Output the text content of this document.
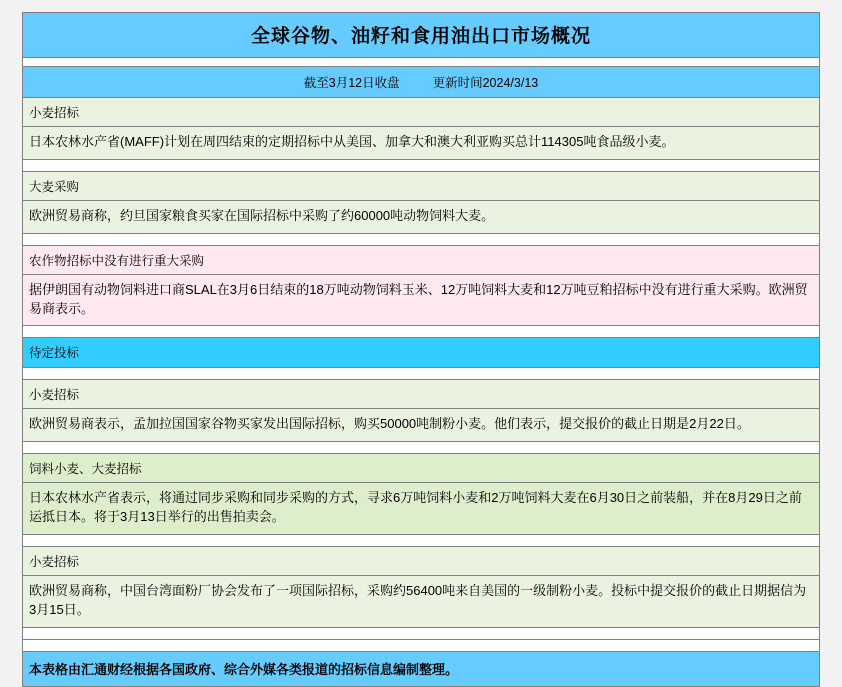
全球谷物、油籽和食用油出口市场概况
截至3月12日收盘	更新时间2024/3/13
小麦招标
日本农林水产省(MAFF)计划在周四结束的定期招标中从美国、加拿大和澳大利亚购买总计114305吨食品级小麦。
大麦采购
欧洲贸易商称，约旦国家粮食买家在国际招标中采购了约60000吨动物饲料大麦。
农作物招标中没有进行重大采购
据伊朗国有动物饲料进口商SLAL在3月6日结束的18万吨动物饲料玉米、12万吨饲料大麦和12万吨豆粕招标中没有进行重大采购。欧洲贸易商表示。
待定投标
小麦招标
欧洲贸易商表示，孟加拉国国家谷物买家发出国际招标，购买50000吨制粉小麦。他们表示，提交报价的截止日期是2月22日。
饲料小麦、大麦招标
日本农林水产省表示，将通过同步采购和同步采购的方式，寻求6万吨饲料小麦和2万吨饲料大麦在6月30日之前装船，并在8月29日之前运抵日本。将于3月13日举行的出售拍卖会。
小麦招标
欧洲贸易商称，中国台湾面粉厂协会发布了一项国际招标，采购约56400吨来自美国的一级制粉小麦。投标中提交报价的截止日期据信为3月15日。
本表格由汇通财经根据各国政府、综合外媒各类报道的招标信息编制整理。
